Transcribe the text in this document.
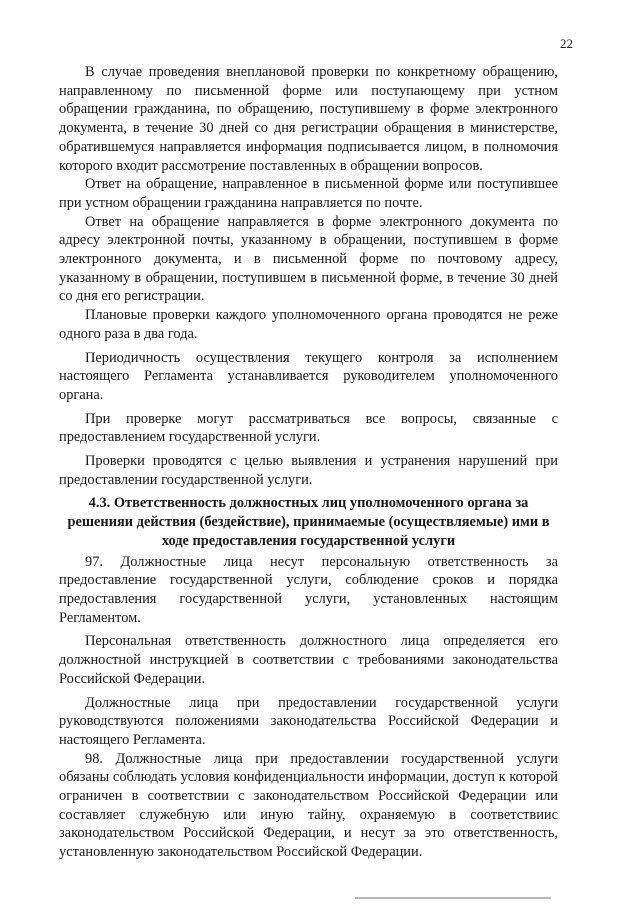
22

В случае проведения внеплановой проверки по конкретному обращению, направленному по письменной форме или поступающему при устном обращении гражданина, по обращению, поступившему в форме электронного документа, в течение 30 дней со дня регистрации обращения в министерстве, обратившемуся направляется информация подписывается лицом, в полномочия которого входит рассмотрение поставленных в обращении вопросов.

Ответ на обращение, направленное в письменной форме или поступившее при устном обращении гражданина направляется по почте.

Ответ на обращение направляется в форме электронного документа по адресу электронной почты, указанному в обращении, поступившем в форме электронного документа, и в письменной форме по почтовому адресу, указанному в обращении, поступившем в письменной форме, в течение 30 дней со дня его регистрации.

Плановые проверки каждого уполномоченного органа проводятся не реже одного раза в два года.

Периодичность осуществления текущего контроля за исполнением настоящего Регламента устанавливается руководителем уполномоченного органа.

При проверке могут рассматриваться все вопросы, связанные с предоставлением государственной услуги.

Проверки проводятся с целью выявления и устранения нарушений при предоставлении государственной услуги.

4.3. Ответственность должностных лиц уполномоченного органа за решенияи действия (бездействие), принимаемые (осуществляемые) ими в ходе предоставления государственной услуги

97. Должностные лица несут персональную ответственность за предоставление государственной услуги, соблюдение сроков и порядка предоставления государственной услуги, установленных настоящим Регламентом.

Персональная ответственность должностного лица определяется его должностной инструкцией в соответствии с требованиями законодательства Российской Федерации.

Должностные лица при предоставлении государственной услуги руководствуются положениями законодательства Российской Федерации и настоящего Регламента.

98. Должностные лица при предоставлении государственной услуги обязаны соблюдать условия конфиденциальности информации, доступ к которой ограничен в соответствии с законодательством Российской Федерации или составляет служебную или иную тайну, охраняемую в соответствиис законодательством Российской Федерации, и несут за это ответственность, установленную законодательством Российской Федерации.
